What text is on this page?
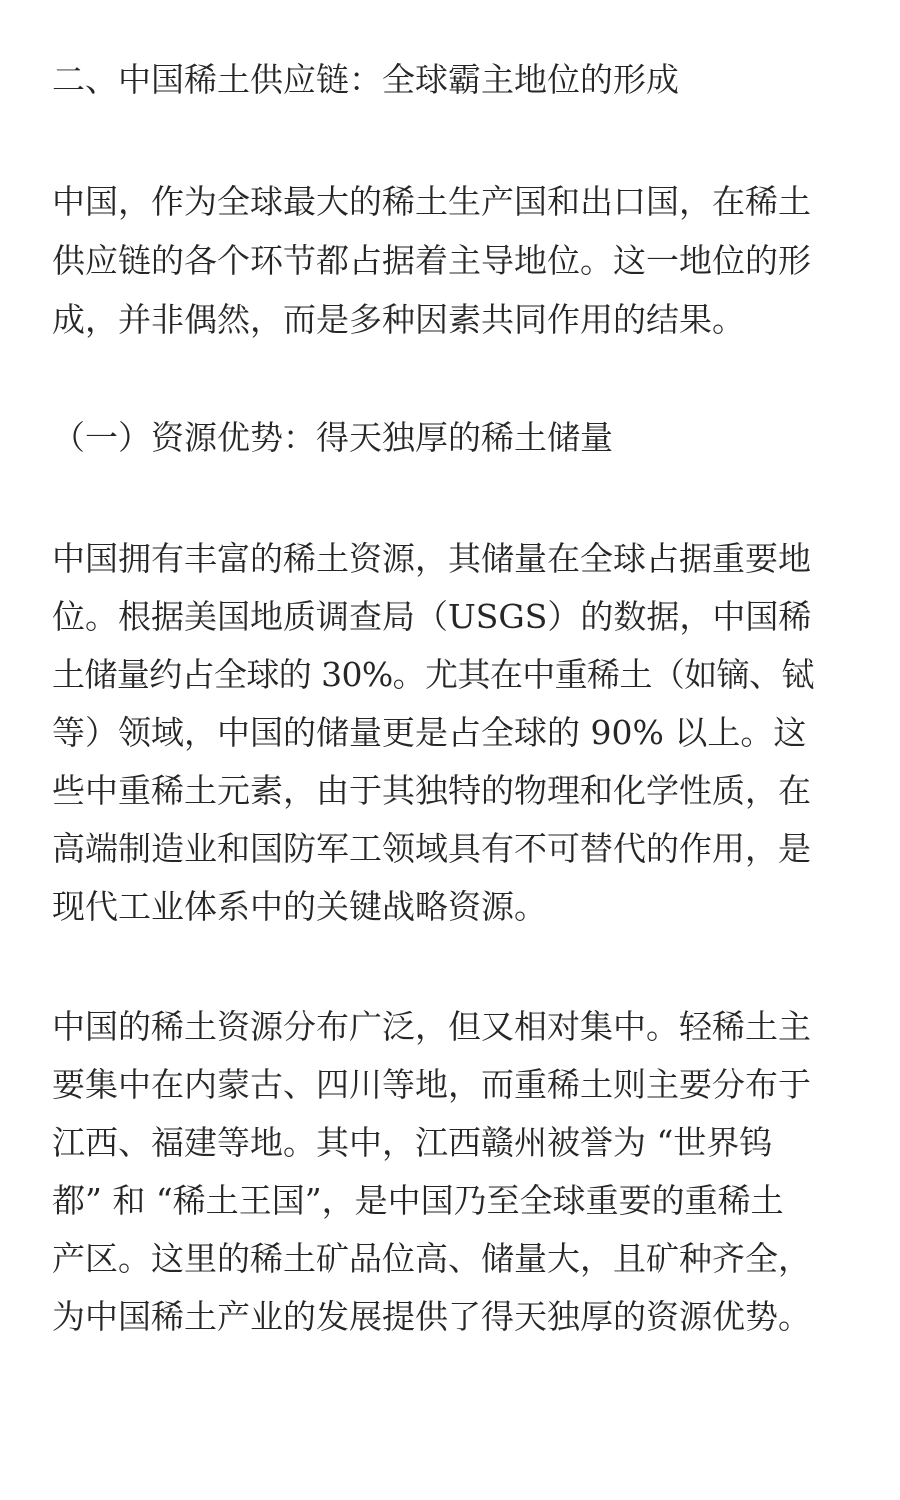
二、中国稀土供应链：全球霸主地位的形成

中国，作为全球最大的稀土生产国和出口国，在稀土

供应链的各个环节都占据着主导地位。这一地位的形

成，并非偶然，而是多种因素共同作用的结果。

（一）资源优势：得天独厚的稀土储量

中国拥有丰富的稀土资源，其储量在全球占据重要地

位。根据美国地质调查局（USGS）的数据，中国稀

土储量约占全球的 30%。尤其在中重稀土（如镝、铽

等）领域，中国的储量更是占全球的 90% 以上。这

些中重稀土元素，由于其独特的物理和化学性质，在

高端制造业和国防军工领域具有不可替代的作用，是

现代工业体系中的关键战略资源。

中国的稀土资源分布广泛，但又相对集中。轻稀土主

要集中在内蒙古、四川等地，而重稀土则主要分布于

江西、福建等地。其中，江西赣州被誉为 “世界钨

都” 和 “稀土王国”，是中国乃至全球重要的重稀土

产区。这里的稀土矿品位高、储量大，且矿种齐全，

为中国稀土产业的发展提供了得天独厚的资源优势。
